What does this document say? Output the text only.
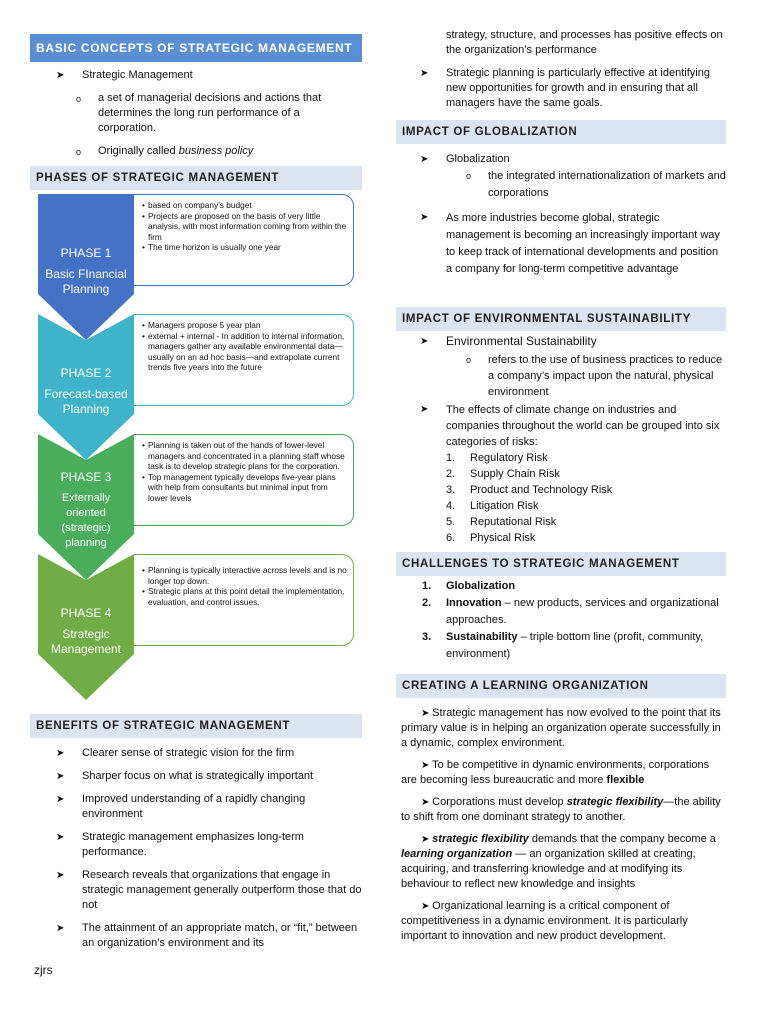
BASIC CONCEPTS OF STRATEGIC MANAGEMENT
➤	Strategic Management
o	a set of managerial decisions and actions that determines the long run performance of a corporation.
o	Originally called business policy
PHASES OF STRATEGIC MANAGEMENT
PHASE 1
Basic FInancial Planning
• based on company’s budget
• Projects are proposed on the basis of very little analysis, with most information coming from within the firm
• The time horizon is usually one year
PHASE 2
Forecast-based Planning
• Managers propose 5 year plan
• external + internal - In addition to internal information, managers gather any available environmental data—usually on an ad hoc basis—and extrapolate current trends five years into the future
PHASE 3
Externally oriented (strategic) planning
• Planning is taken out of the hands of lower-level managers and concentrated in a planning staff whose task is to develop strategic plans for the corporation.
• Top management typically develops five-year plans with help from consultants but minimal input from lower levels
PHASE 4
Strategic Management
• Planning is typically interactive across levels and is no longer top down.
• Strategic plans at this point detail the implementation, evaluation, and control issues.
BENEFITS OF STRATEGIC MANAGEMENT
➤	Clearer sense of strategic vision for the firm
➤	Sharper focus on what is strategically important
➤	Improved understanding of a rapidly changing environment
➤	Strategic management emphasizes long-term performance.
➤	Research reveals that organizations that engage in strategic management generally outperform those that do not
➤	The attainment of an appropriate match, or “fit,” between an organization’s environment and its
zjrs
strategy, structure, and processes has positive effects on the organization’s performance
➤	Strategic planning is particularly effective at identifying new opportunities for growth and in ensuring that all managers have the same goals.
IMPACT OF GLOBALIZATION
➤	Globalization
o	the integrated internationalization of markets and corporations
➤	As more industries become global, strategic management is becoming an increasingly important way to keep track of international developments and position a company for long-term competitive advantage
IMPACT OF ENVIRONMENTAL SUSTAINABILITY
➤	Environmental Sustainability
o	refers to the use of business practices to reduce a company’s impact upon the natural, physical environment
➤	The effects of climate change on industries and companies throughout the world can be grouped into six categories of risks:
1.	Regulatory Risk
2.	Supply Chain Risk
3.	Product and Technology Risk
4.	Litigation Risk
5.	Reputational Risk
6.	Physical Risk
CHALLENGES TO STRATEGIC MANAGEMENT
1.	Globalization
2.	Innovation – new products, services and organizational approaches.
3.	Sustainability – triple bottom line (profit, community, environment)
CREATING A LEARNING ORGANIZATION

➤ Strategic management has now evolved to the point that its primary value is in helping an organization operate successfully in a dynamic, complex environment.

➤ To be competitive in dynamic environments, corporations are becoming less bureaucratic and more flexible

➤ Corporations must develop strategic flexibility—the ability to shift from one dominant strategy to another.

➤ strategic flexibility demands that the company become a learning organization — an organization skilled at creating, acquiring, and transferring knowledge and at modifying its behaviour to reflect new knowledge and insights

➤ Organizational learning is a critical component of competitiveness in a dynamic environment. It is particularly important to innovation and new product development.
